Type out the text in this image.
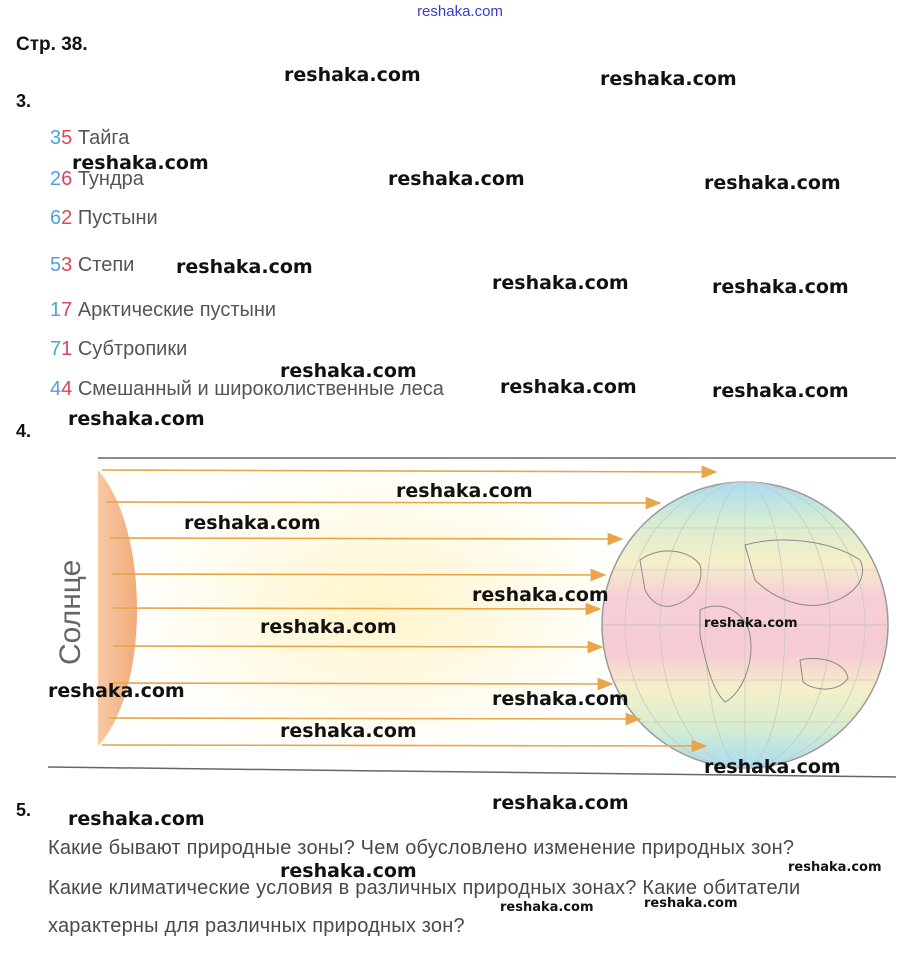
reshaka.com
Стр. 38.
3.
35 Тайга
26 Тундра
62 Пустыни
53 Степи
17 Арктические пустыни
71 Субтропики
44 Смешанный и широколиственные леса
4.
Солнце
5.
Какие бывают природные зоны? Чем обусловлено изменение природных зон?
Какие климатические условия в различных природных зонах? Какие обитатели
характерны для различных природных зон?
reshaka.com	reshaka.com
reshaka.com
reshaka.com	reshaka.com
reshaka.com
reshaka.com	reshaka.com
reshaka.com
reshaka.com	reshaka.com
reshaka.com
reshaka.com
reshaka.com
reshaka.com
reshaka.com
reshaka.com
reshaka.com	reshaka.com
reshaka.com
reshaka.com
reshaka.com
reshaka.com
reshaka.com	reshaka.com
reshaka.com	reshaka.com
